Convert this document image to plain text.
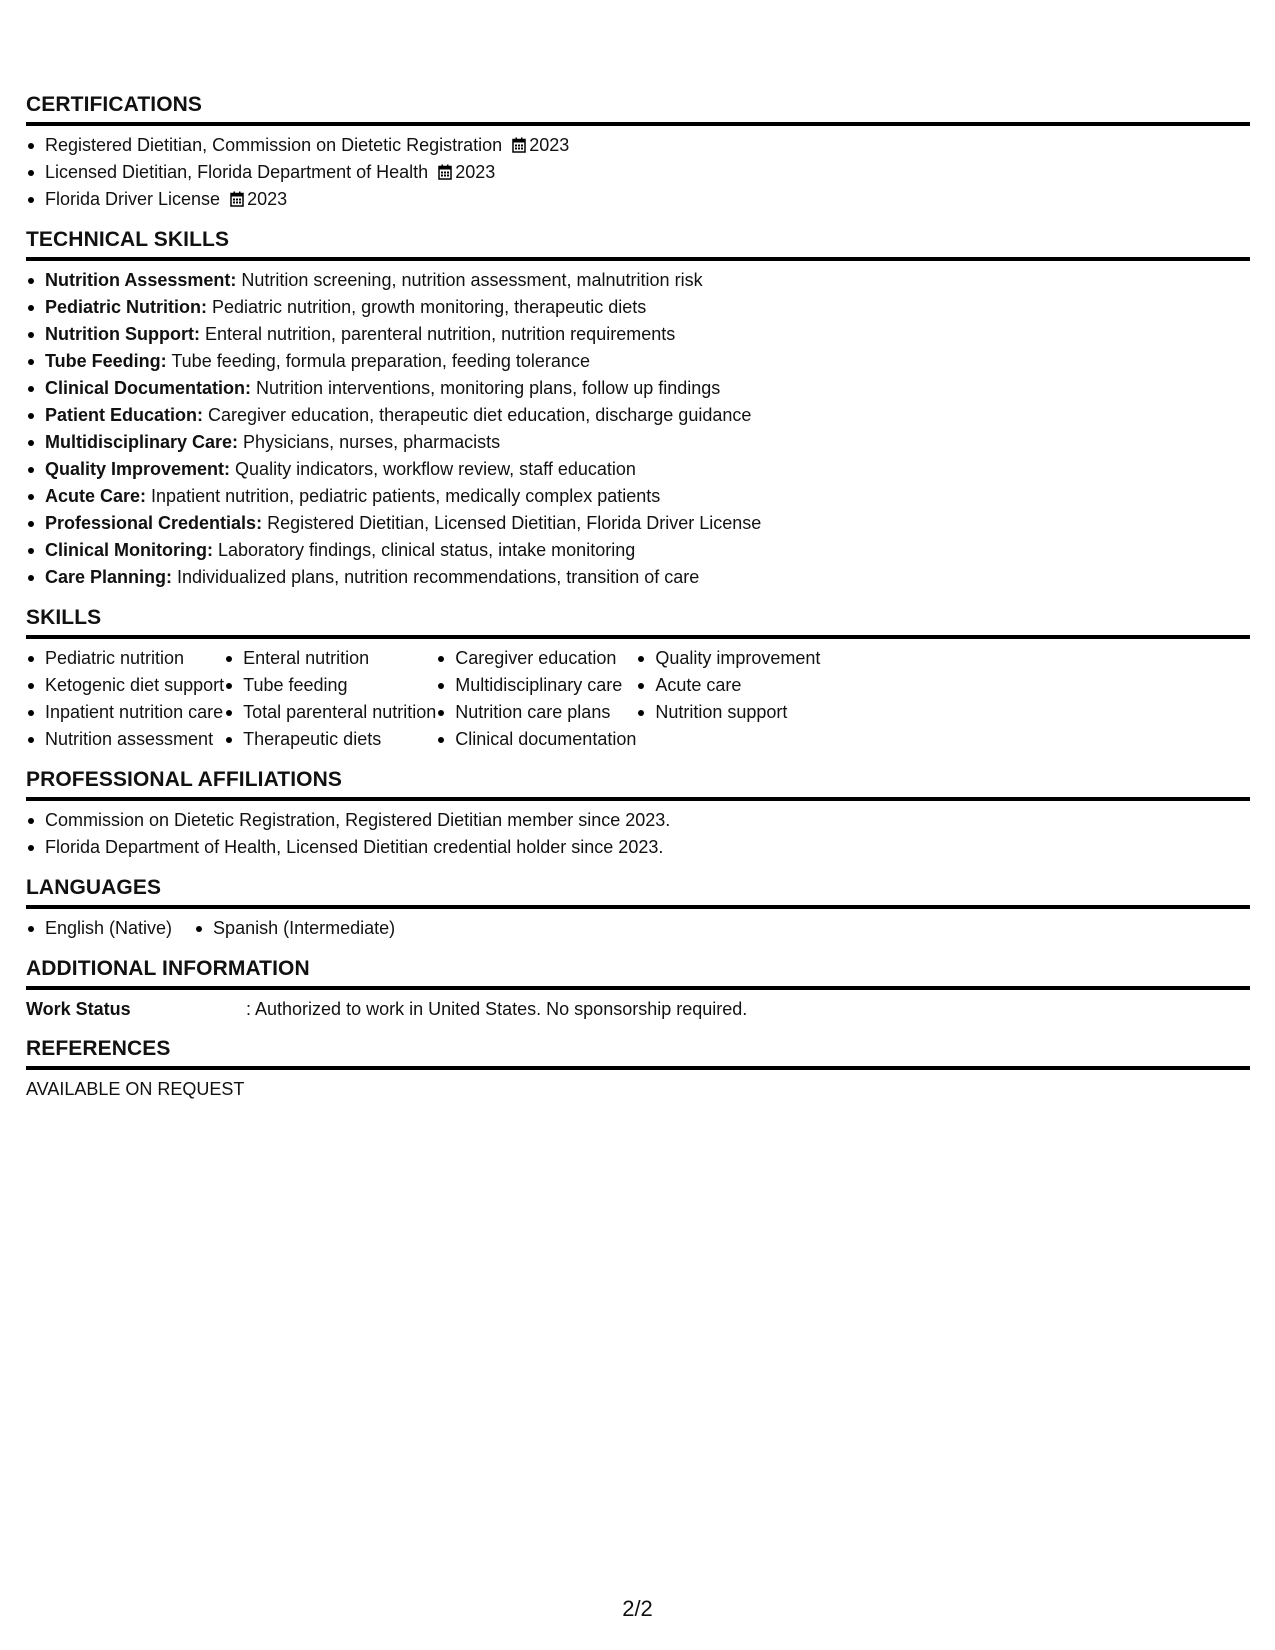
CERTIFICATIONS
Registered Dietitian, Commission on Dietetic Registration 2023
Licensed Dietitian, Florida Department of Health 2023
Florida Driver License 2023
TECHNICAL SKILLS
Nutrition Assessment: Nutrition screening, nutrition assessment, malnutrition risk
Pediatric Nutrition: Pediatric nutrition, growth monitoring, therapeutic diets
Nutrition Support: Enteral nutrition, parenteral nutrition, nutrition requirements
Tube Feeding: Tube feeding, formula preparation, feeding tolerance
Clinical Documentation: Nutrition interventions, monitoring plans, follow up findings
Patient Education: Caregiver education, therapeutic diet education, discharge guidance
Multidisciplinary Care: Physicians, nurses, pharmacists
Quality Improvement: Quality indicators, workflow review, staff education
Acute Care: Inpatient nutrition, pediatric patients, medically complex patients
Professional Credentials: Registered Dietitian, Licensed Dietitian, Florida Driver License
Clinical Monitoring: Laboratory findings, clinical status, intake monitoring
Care Planning: Individualized plans, nutrition recommendations, transition of care
SKILLS
Pediatric nutrition
Ketogenic diet support
Inpatient nutrition care
Nutrition assessment
Enteral nutrition
Tube feeding
Total parenteral nutrition
Therapeutic diets
Caregiver education
Multidisciplinary care
Nutrition care plans
Clinical documentation
Quality improvement
Acute care
Nutrition support
PROFESSIONAL AFFILIATIONS
Commission on Dietetic Registration, Registered Dietitian member since 2023.
Florida Department of Health, Licensed Dietitian credential holder since 2023.
LANGUAGES
English (Native)	Spanish (Intermediate)
ADDITIONAL INFORMATION
Work Status	: Authorized to work in United States. No sponsorship required.
REFERENCES
AVAILABLE ON REQUEST
2/2
